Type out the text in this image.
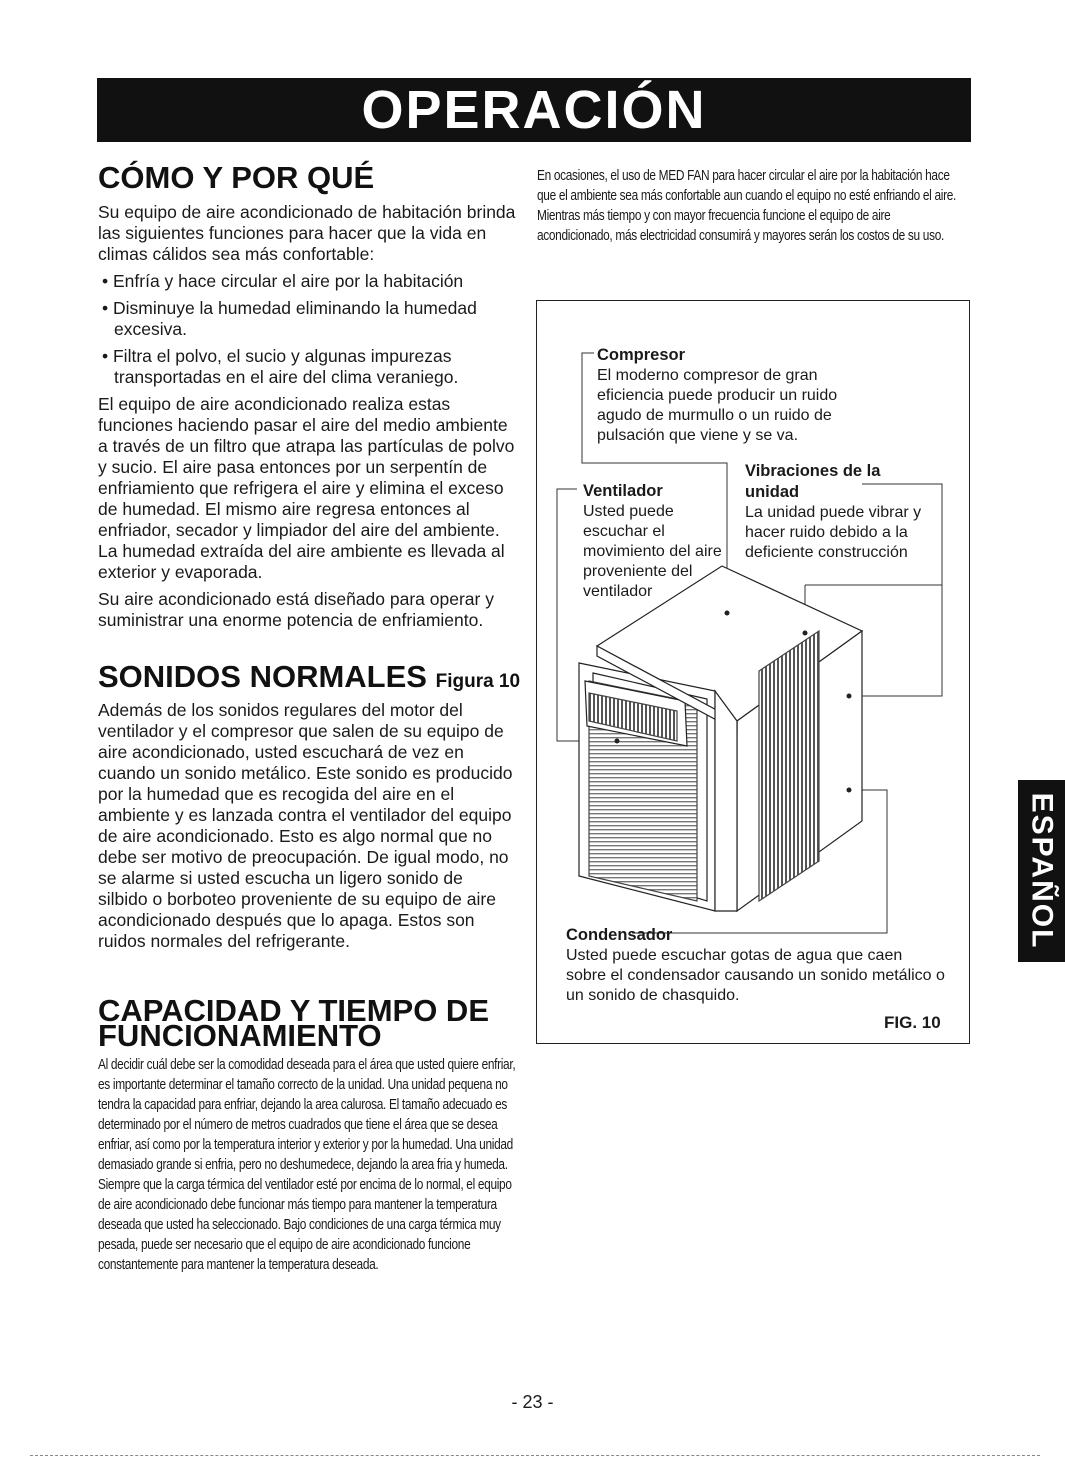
OPERACIÓN
CÓMO Y POR QUÉ

Su equipo de aire acondicionado de habitación brinda las siguientes funciones para hacer que la vida en climas cálidos sea más confortable:

• Enfría y hace circular el aire por la habitación
• Disminuye la humedad eliminando la humedad excesiva.
• Filtra el polvo, el sucio y algunas impurezas transportadas en el aire del clima veraniego.

El equipo de aire acondicionado realiza estas funciones haciendo pasar el aire del medio ambiente a través de un filtro que atrapa las partículas de polvo y sucio. El aire pasa entonces por un serpentín de enfriamiento que refrigera el aire y elimina el exceso de humedad. El mismo aire regresa entonces al enfriador, secador y limpiador del aire del ambiente. La humedad extraída del aire ambiente es llevada al exterior y evaporada.

Su aire acondicionado está diseñado para operar y suministrar una enorme potencia de enfriamiento.

SONIDOS NORMALES Figura 10

Además de los sonidos regulares del motor del ventilador y el compresor que salen de su equipo de aire acondicionado, usted escuchará de vez en cuando un sonido metálico. Este sonido es producido por la humedad que es recogida del aire en el ambiente y es lanzada contra el ventilador del equipo de aire acondicionado. Esto es algo normal que no debe ser motivo de preocupación. De igual modo, no se alarme si usted escucha un ligero sonido de silbido o borboteo proveniente de su equipo de aire acondicionado después que lo apaga. Estos son ruidos normales del refrigerante.

CAPACIDAD Y TIEMPO DE
FUNCIONAMIENTO

Al decidir cuál debe ser la comodidad deseada para el área que usted quiere enfriar, es importante determinar el tamaño correcto de la unidad. Una unidad pequena no tendra la capacidad para enfriar, dejando la area calurosa. El tamaño adecuado es determinado por el número de metros cuadrados que tiene el área que se desea enfriar, así como por la temperatura interior y exterior y por la humedad. Una unidad demasiado grande si enfria, pero no deshumedece, dejando la area fria y humeda. Siempre que la carga térmica del ventilador esté por encima de lo normal, el equipo de aire acondicionado debe funcionar más tiempo para mantener la temperatura deseada que usted ha seleccionado. Bajo condiciones de una carga térmica muy pesada, puede ser necesario que el equipo de aire acondicionado funcione constantemente para mantener la temperatura deseada.

En ocasiones, el uso de MED FAN para hacer circular el aire por la habitación hace que el ambiente sea más confortable aun cuando el equipo no esté enfriando el aire. Mientras más tiempo y con mayor frecuencia funcione el equipo de aire acondicionado, más electricidad consumirá y mayores serán los costos de su uso.

Compresor
El moderno compresor de gran eficiencia puede producir un ruido agudo de murmullo o un ruido de pulsación que viene y se va.
Ventilador
Usted puede escuchar el movimiento del aire proveniente del ventilador
Vibraciones de la
unidad
La unidad puede vibrar y hacer ruido debido a la deficiente construcción
Condensador
Usted puede escuchar gotas de agua que caen sobre el condensador causando un sonido metálico o un sonido de chasquido.
FIG. 10
ESPAÑOL
- 23 -
